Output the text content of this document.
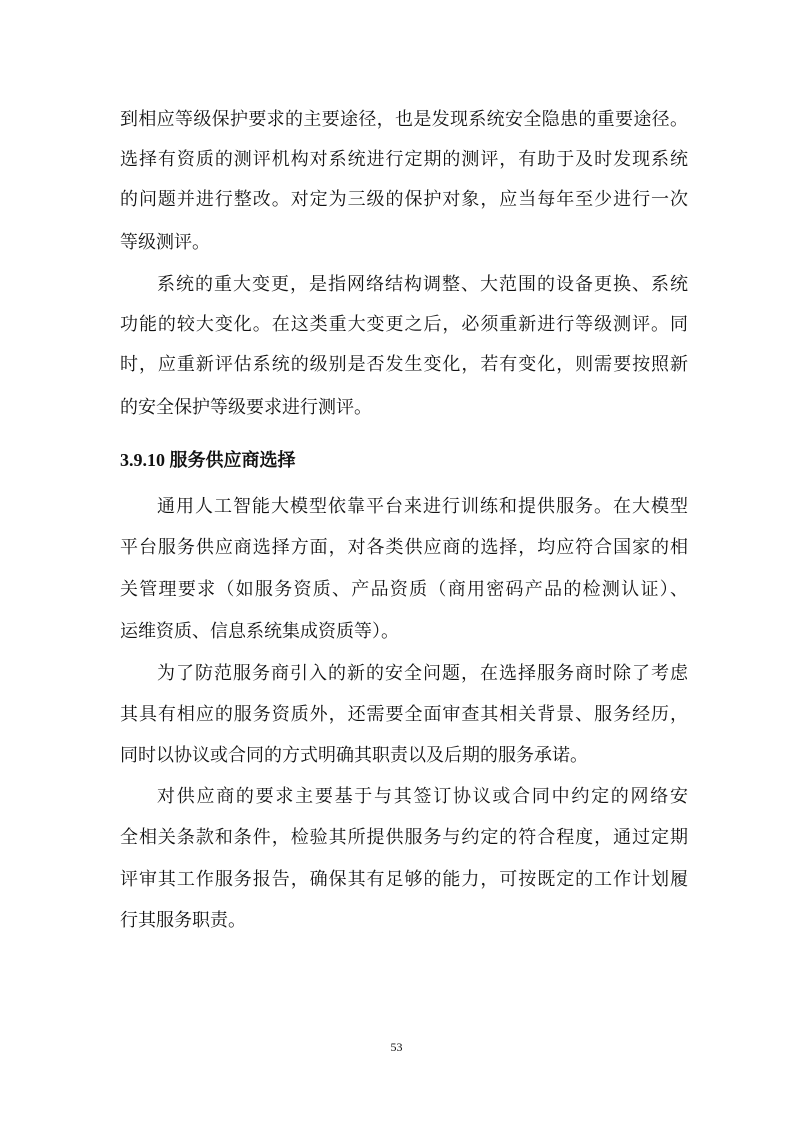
到相应等级保护要求的主要途径，也是发现系统安全隐患的重要途径。
选择有资质的测评机构对系统进行定期的测评，有助于及时发现系统
的问题并进行整改。对定为三级的保护对象，应当每年至少进行一次
等级测评。
系统的重大变更，是指网络结构调整、大范围的设备更换、系统
功能的较大变化。在这类重大变更之后，必须重新进行等级测评。同
时，应重新评估系统的级别是否发生变化，若有变化，则需要按照新
的安全保护等级要求进行测评。
3.9.10 服务供应商选择
通用人工智能大模型依靠平台来进行训练和提供服务。在大模型
平台服务供应商选择方面，对各类供应商的选择，均应符合国家的相
关管理要求（如服务资质、产品资质（商用密码产品的检测认证）、
运维资质、信息系统集成资质等）。
为了防范服务商引入的新的安全问题，在选择服务商时除了考虑
其具有相应的服务资质外，还需要全面审查其相关背景、服务经历，
同时以协议或合同的方式明确其职责以及后期的服务承诺。
对供应商的要求主要基于与其签订协议或合同中约定的网络安
全相关条款和条件，检验其所提供服务与约定的符合程度，通过定期
评审其工作服务报告，确保其有足够的能力，可按既定的工作计划履
行其服务职责。
53
